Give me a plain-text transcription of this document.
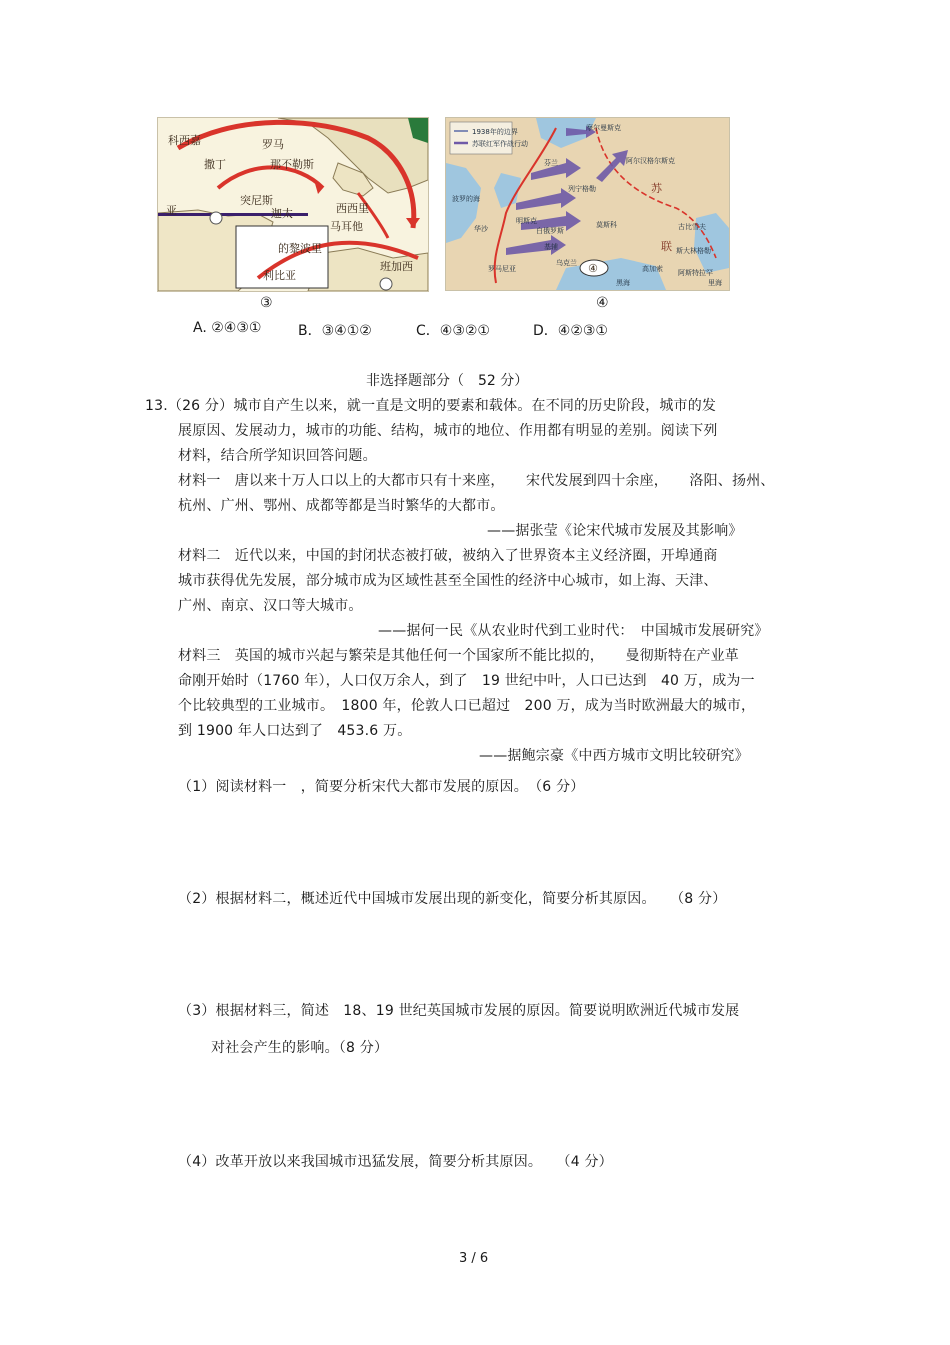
科西嘉	罗马
撒丁	那不勒斯
西西里
突尼斯
迦太
马耳他
的黎波里
利比亚
班加西
亚
1938年的边界
苏联红军作战行动
摩尔曼斯克
阿尔汉格尔斯克
列宁格勒
莫斯科
华沙	白俄罗斯
明斯克
基辅
罗马尼亚
斯大林格勒
古比雪夫
阿斯特拉罕
里海
黑海
芬兰
苏
联
波罗的海
乌克兰
高加索
④
③	④
A. ②④③①	B．③④①②	C．④③②①	D．④②③①
非选择题部分（　52 分）
13.（26 分）城市自产生以来，就一直是文明的要素和载体。在不同的历史阶段，城市的发
展原因、发展动力，城市的功能、结构，城市的地位、作用都有明显的差别。阅读下列
材料，结合所学知识回答问题。
材料一　唐以来十万人口以上的大都市只有十来座，　　宋代发展到四十余座，　　洛阳、扬州、
杭州、广州、鄂州、成都等都是当时繁华的大都市。
——据张莹《论宋代城市发展及其影响》
材料二　近代以来，中国的封闭状态被打破，被纳入了世界资本主义经济圈，开埠通商
城市获得优先发展，部分城市成为区域性甚至全国性的经济中心城市，如上海、天津、
广州、南京、汉口等大城市。
——据何一民《从农业时代到工业时代：　中国城市发展研究》
材料三　英国的城市兴起与繁荣是其他任何一个国家所不能比拟的，　　曼彻斯特在产业革
命刚开始时（1760 年），人口仅万余人，到了　19 世纪中叶，人口已达到　40 万，成为一
个比较典型的工业城市。　1800 年，伦敦人口已超过　200 万，成为当时欧洲最大的城市，
到 1900 年人口达到了　453.6 万。
——据鲍宗豪《中西方城市文明比较研究》
（1）阅读材料一　，简要分析宋代大都市发展的原因。　（6 分）
（2）根据材料二，概述近代中国城市发展出现的新变化，简要分析其原因。　　（8 分）
（3）根据材料三，简述　18、19 世纪英国城市发展的原因。简要说明欧洲近代城市发展
对社会产生的影响。（8 分）
（4）改革开放以来我国城市迅猛发展，简要分析其原因。　　（4 分）
3 / 6
